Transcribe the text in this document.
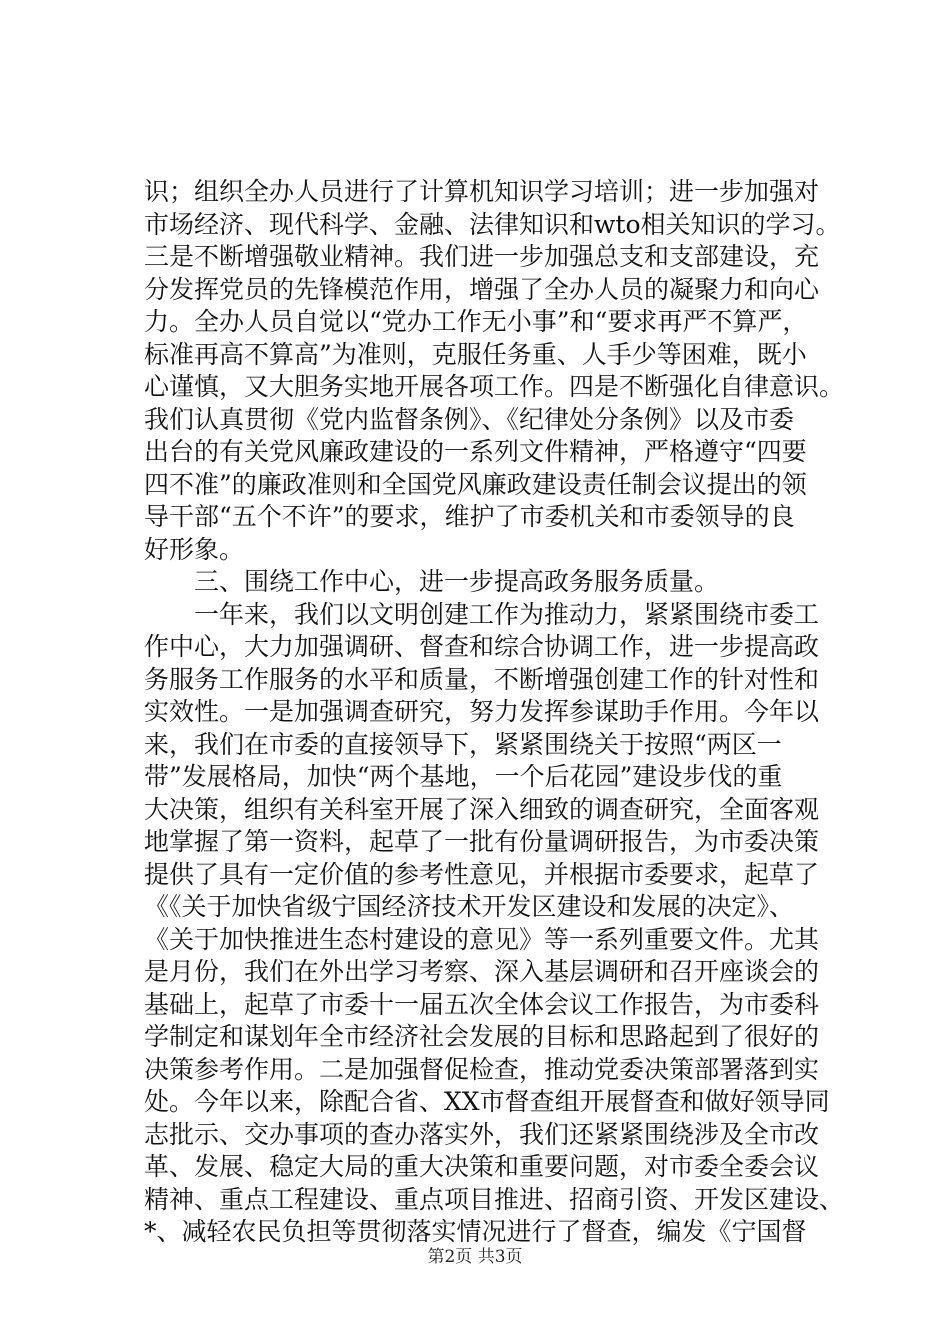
识；组织全办人员进行了计算机知识学习培训；进一步加强对
市场经济、现代科学、金融、法律知识和wto相关知识的学习。
三是不断增强敬业精神。我们进一步加强总支和支部建设，充
分发挥党员的先锋模范作用，增强了全办人员的凝聚力和向心
力。全办人员自觉以“党办工作无小事”和“要求再严不算严，
标准再高不算高”为准则，克服任务重、人手少等困难，既小
心谨慎，又大胆务实地开展各项工作。四是不断强化自律意识。
我们认真贯彻《党内监督条例》、《纪律处分条例》以及市委
出台的有关党风廉政建设的一系列文件精神，严格遵守“四要
四不准”的廉政准则和全国党风廉政建设责任制会议提出的领
导干部“五个不许”的要求，维护了市委机关和市委领导的良
好形象。
　　三、围绕工作中心，进一步提高政务服务质量。
　　一年来，我们以文明创建工作为推动力，紧紧围绕市委工
作中心，大力加强调研、督查和综合协调工作，进一步提高政
务服务工作服务的水平和质量，不断增强创建工作的针对性和
实效性。一是加强调查研究，努力发挥参谋助手作用。今年以
来，我们在市委的直接领导下，紧紧围绕关于按照“两区一
带”发展格局，加快“两个基地，一个后花园”建设步伐的重
大决策，组织有关科室开展了深入细致的调查研究，全面客观
地掌握了第一资料，起草了一批有份量调研报告，为市委决策
提供了具有一定价值的参考性意见，并根据市委要求，起草了
《《关于加快省级宁国经济技术开发区建设和发展的决定》、
《关于加快推进生态村建设的意见》等一系列重要文件。尤其
是月份，我们在外出学习考察、深入基层调研和召开座谈会的
基础上，起草了市委十一届五次全体会议工作报告，为市委科
学制定和谋划年全市经济社会发展的目标和思路起到了很好的
决策参考作用。二是加强督促检查，推动党委决策部署落到实
处。今年以来，除配合省、XX市督查组开展督查和做好领导同
志批示、交办事项的查办落实外，我们还紧紧围绕涉及全市改
革、发展、稳定大局的重大决策和重要问题，对市委全委会议
精神、重点工程建设、重点项目推进、招商引资、开发区建设、
*、减轻农民负担等贯彻落实情况进行了督查，编发《宁国督
第2页 共3页
